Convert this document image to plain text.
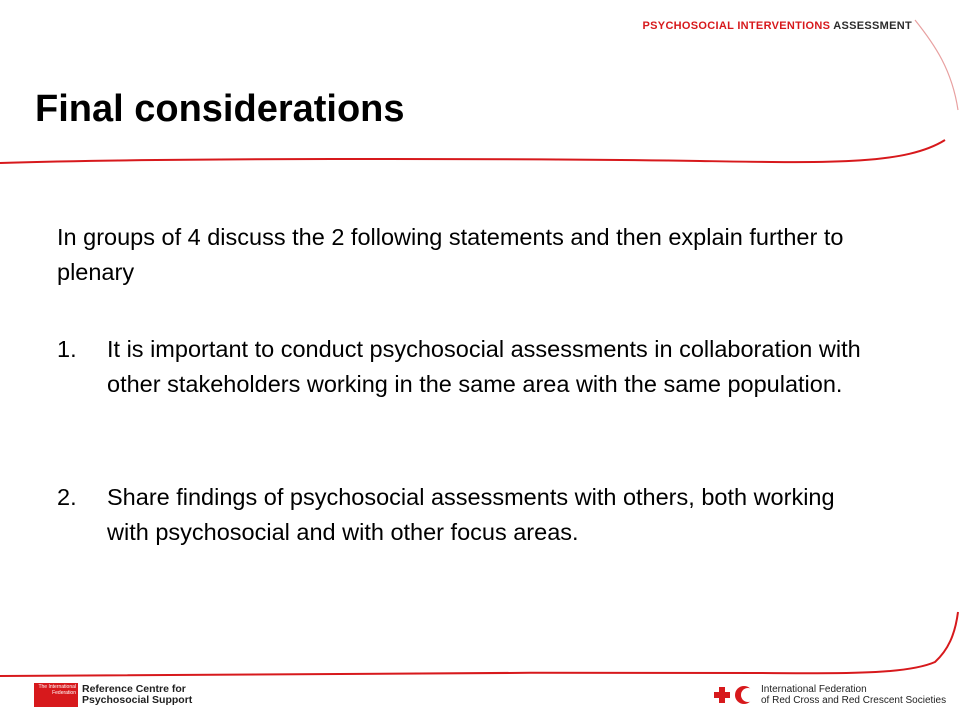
PSYCHOSOCIAL INTERVENTIONS ASSESSMENT
Final considerations

In groups of 4 discuss the 2 following statements and then explain further to plenary

1.	It is important to conduct psychosocial assessments in collaboration with other stakeholders working in the same area with the same population.
2.	Share findings of psychosocial assessments with others, both working with psychosocial and with other focus areas.
The International Federation Reference Centre for
Psychosocial Support
International Federation
of Red Cross and Red Crescent Societies
